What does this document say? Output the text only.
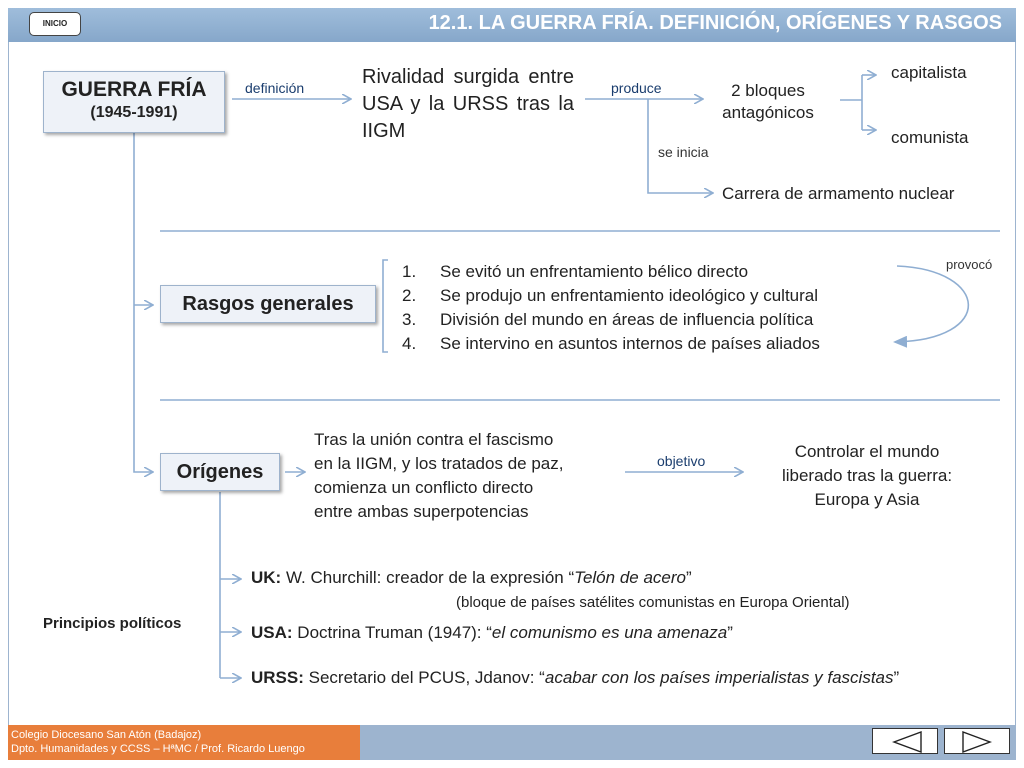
INICIO	12.1. LA GUERRA FRÍA. DEFINICIÓN, ORÍGENES Y RASGOS
GUERRA FRÍA
(1945-1991)
definición	Rivalidad surgida entre USA y la URSS tras la IIGM
produce	2 bloques antagónicos
capitalista
comunista
se inicia
Carrera de armamento nuclear
Rasgos generales
1. Se evitó un enfrentamiento bélico directo
2. Se produjo un enfrentamiento ideológico y cultural
3. División del mundo en áreas de influencia política
4. Se intervino en asuntos internos de países aliados
provocó
Orígenes
Tras la unión contra el fascismo
en la IIGM, y los tratados de paz,
comienza un conflicto directo
entre ambas superpotencias
objetivo	Controlar el mundo
liberado tras la guerra:
Europa y Asia
Principios políticos
UK: W. Churchill: creador de la expresión “Telón de acero”
(bloque de países satélites comunistas en Europa Oriental)
USA: Doctrina Truman (1947): “el comunismo es una amenaza”
URSS: Secretario del PCUS, Jdanov: “acabar con los países imperialistas y fascistas”
Colegio Diocesano San Atón (Badajoz)
Dpto. Humanidades y CCSS – HªMC / Prof. Ricardo Luengo
